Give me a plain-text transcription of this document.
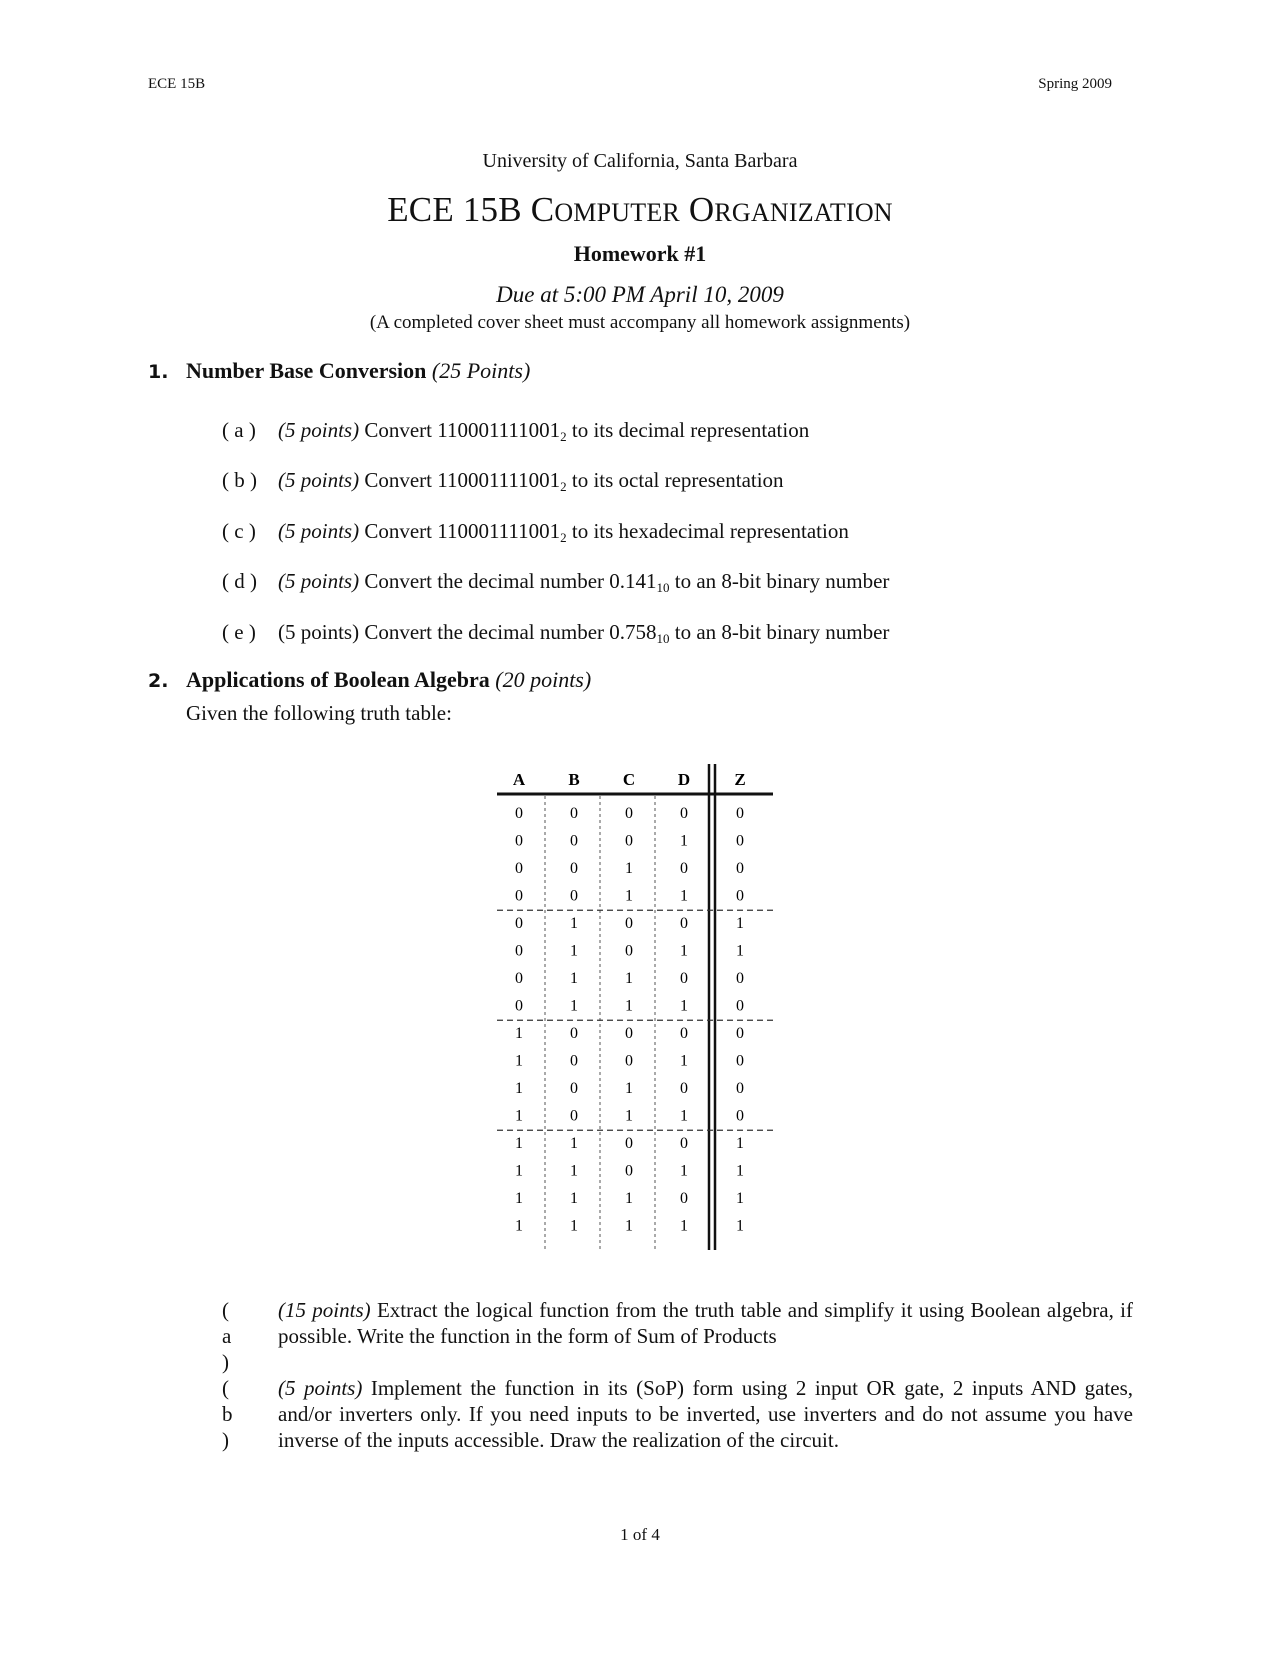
ECE 15B	Spring 2009
University of California, Santa Barbara
ECE 15B COMPUTER ORGANIZATION
Homework #1
Due at 5:00 PM April 10, 2009
(A completed cover sheet must accompany all homework assignments)
1. Number Base Conversion (25 Points)
( a ) (5 points) Convert $110001111001_2$ to its decimal representation
( b ) (5 points) Convert $110001111001_2$ to its octal representation
( c ) (5 points) Convert $110001111001_2$ to its hexadecimal representation
( d ) (5 points) Convert the decimal number $0.141_{10}$ to an 8-bit binary number
( e ) (5 points) Convert the decimal number $0.758_{10}$ to an 8-bit binary number
2. Applications of Boolean Algebra (20 points)
Given the following truth table:
A	B	C	D	Z
0	0	0	0	0
0	0	0	1	0
0	0	1	0	0
0	0	1	1	0
0	1	0	0	1
0	1	0	1	1
0	1	1	0	0
0	1	1	1	0
1	0	0	0	0
1	0	0	1	0
1	0	1	0	0
1	0	1	1	0
1	1	0	0	1
1	1	0	1	1
1	1	1	0	1
1	1	1	1	1
( a )
(15 points) Extract the logical function from the truth table and simplify it using Boolean algebra, if possible. Write the function in the form of Sum of Products
( b )
(5 points) Implement the function in its (SoP) form using 2 input OR gate, 2 inputs AND gates, and/or inverters only. If you need inputs to be inverted, use inverters and do not assume you have inverse of the inputs accessible. Draw the realization of the circuit.
1 of 4
